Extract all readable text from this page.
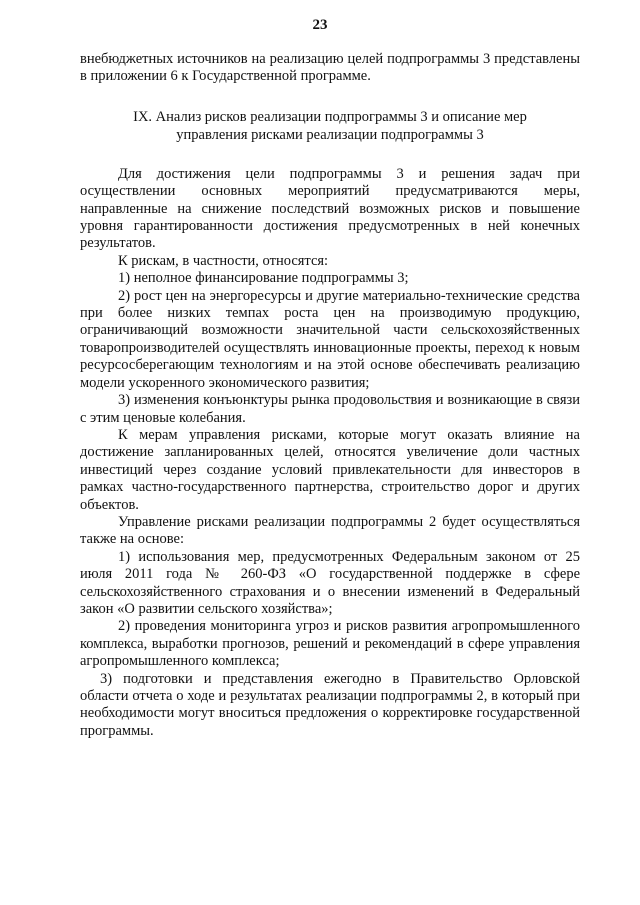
23

внебюджетных источников на реализацию целей подпрограммы 3 представлены в приложении 6 к Государственной программе.

IX. Анализ рисков реализации подпрограммы 3 и описание мер
управления рисками реализации подпрограммы 3

Для достижения цели подпрограммы 3 и решения задач при осуществлении основных мероприятий предусматриваются меры, направленные на снижение последствий возможных рисков и повышение уровня гарантированности достижения предусмотренных в ней конечных результатов.

К рискам, в частности, относятся:

1) неполное финансирование подпрограммы 3;

2) рост цен на энергоресурсы и другие материально-технические средства при более низких темпах роста цен на производимую продукцию, ограничивающий возможности значительной части сельскохозяйственных товаропроизводителей осуществлять инновационные проекты, переход к новым ресурсосберегающим технологиям и на этой основе обеспечивать реализацию модели ускоренного экономического развития;

3) изменения конъюнктуры рынка продовольствия и возникающие в связи с этим ценовые колебания.

К мерам управления рисками, которые могут оказать влияние на достижение запланированных целей, относятся увеличение доли частных инвестиций через создание условий привлекательности для инвесторов в рамках частно-государственного партнерства, строительство дорог и других объектов.

Управление рисками реализации подпрограммы 2 будет осуществляться также на основе:

1) использования мер, предусмотренных Федеральным законом от 25 июля 2011 года № 260-ФЗ «О государственной поддержке в сфере сельскохозяйственного страхования и о внесении изменений в Федеральный закон «О развитии сельского хозяйства»;

2) проведения мониторинга угроз и рисков развития агропромышленного комплекса, выработки прогнозов, решений и рекомендаций в сфере управления агропромышленного комплекса;

3) подготовки и представления ежегодно в Правительство Орловской области отчета о ходе и результатах реализации подпрограммы 2, в который при необходимости могут вноситься предложения о корректировке государственной программы.
